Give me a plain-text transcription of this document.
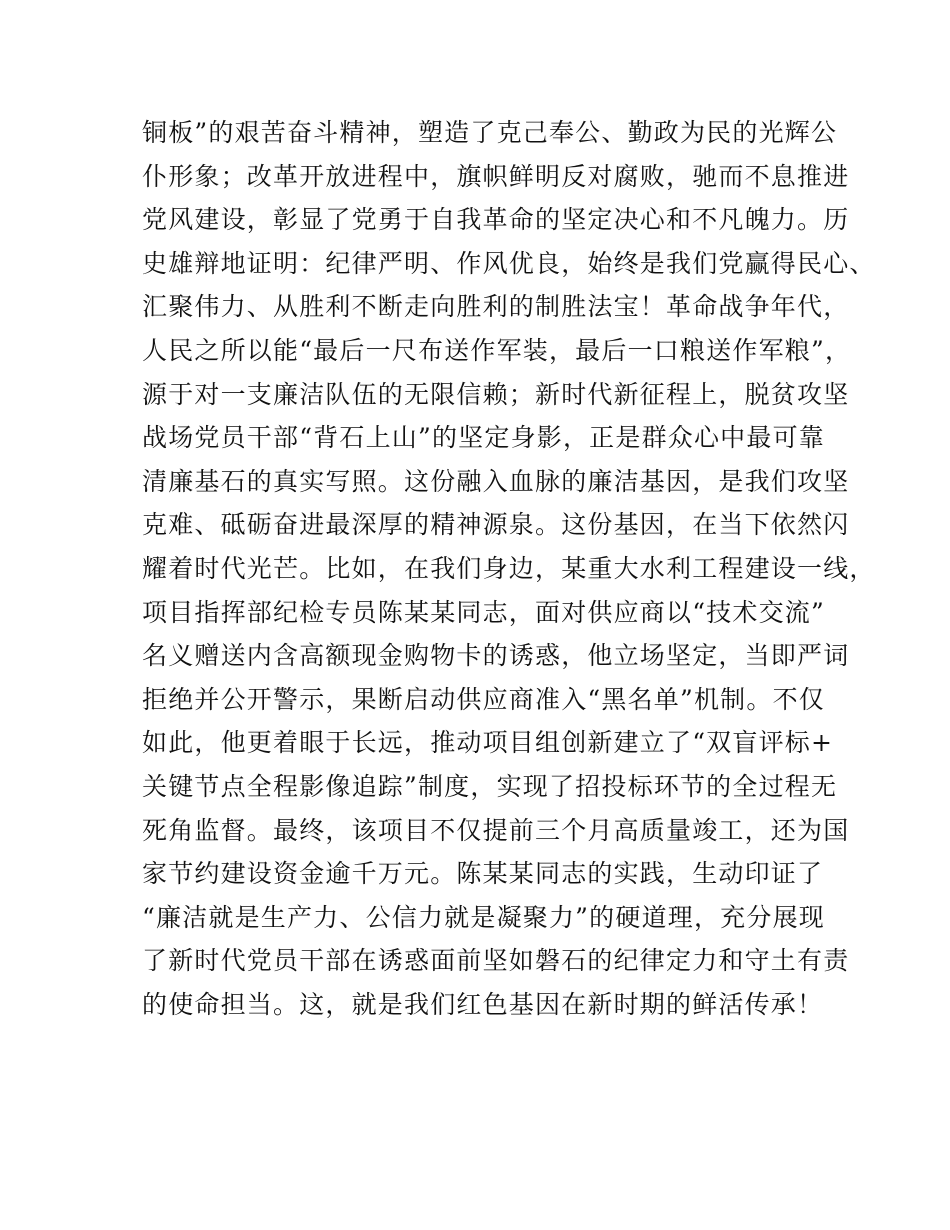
铜板”的艰苦奋斗精神，塑造了克己奉公、勤政为民的光辉公
仆形象；改革开放进程中，旗帜鲜明反对腐败，驰而不息推进
党风建设，彰显了党勇于自我革命的坚定决心和不凡魄力。历
史雄辩地证明：纪律严明、作风优良，始终是我们党赢得民心、
汇聚伟力、从胜利不断走向胜利的制胜法宝！革命战争年代，
人民之所以能“最后一尺布送作军装，最后一口粮送作军粮”，
源于对一支廉洁队伍的无限信赖；新时代新征程上，脱贫攻坚
战场党员干部“背石上山”的坚定身影，正是群众心中最可靠
清廉基石的真实写照。这份融入血脉的廉洁基因，是我们攻坚
克难、砥砺奋进最深厚的精神源泉。这份基因，在当下依然闪
耀着时代光芒。比如，在我们身边，某重大水利工程建设一线，
项目指挥部纪检专员陈某某同志，面对供应商以“技术交流”
名义赠送内含高额现金购物卡的诱惑，他立场坚定，当即严词
拒绝并公开警示，果断启动供应商准入“黑名单”机制。不仅
如此，他更着眼于长远，推动项目组创新建立了“双盲评标+
关键节点全程影像追踪”制度，实现了招投标环节的全过程无
死角监督。最终，该项目不仅提前三个月高质量竣工，还为国
家节约建设资金逾千万元。陈某某同志的实践，生动印证了
“廉洁就是生产力、公信力就是凝聚力”的硬道理，充分展现
了新时代党员干部在诱惑面前坚如磐石的纪律定力和守土有责
的使命担当。这，就是我们红色基因在新时期的鲜活传承！
